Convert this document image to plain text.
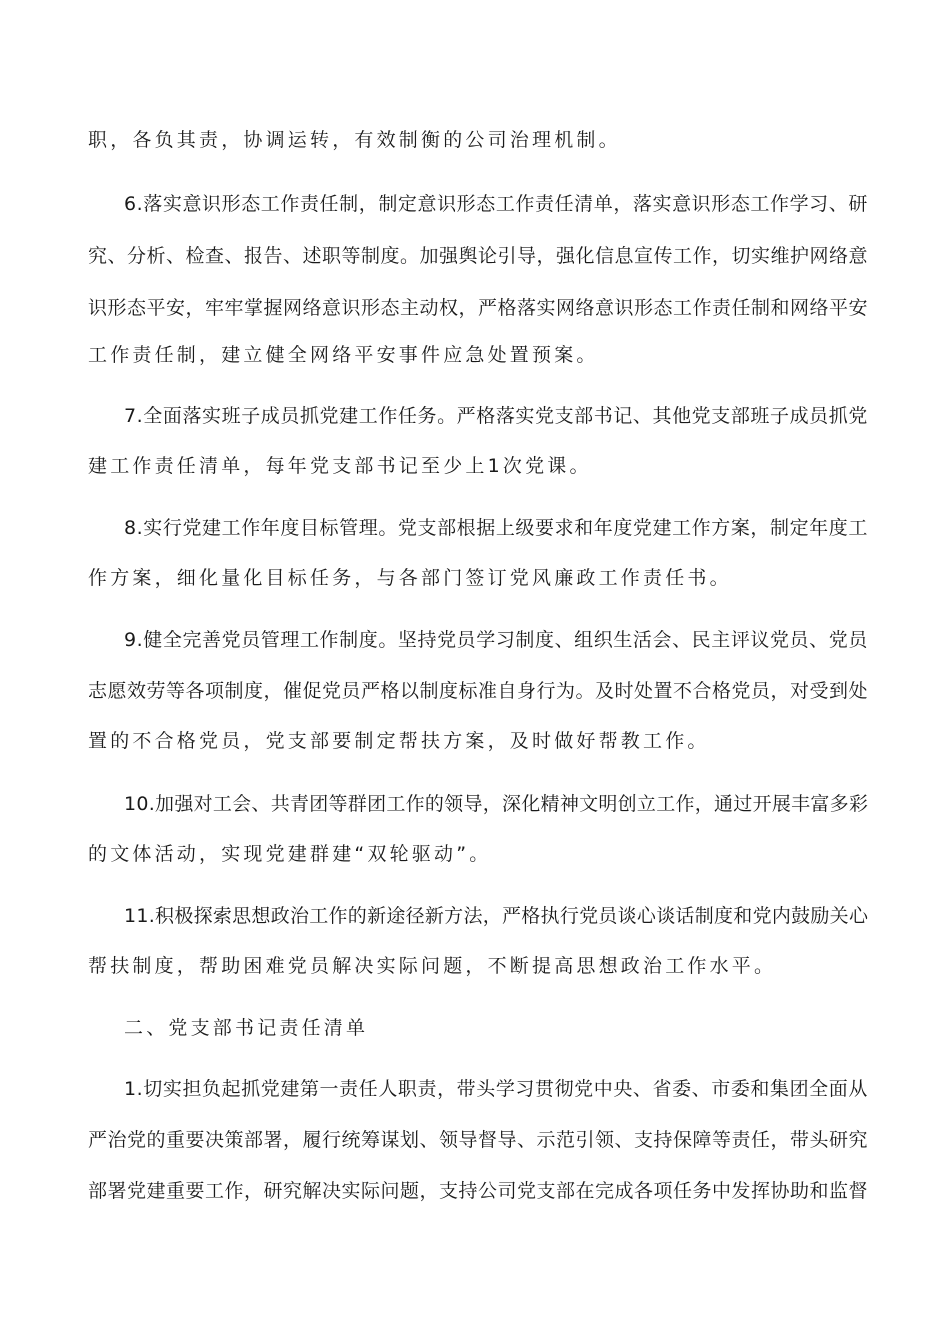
职，各负其责，协调运转，有效制衡的公司治理机制。
6.落实意识形态工作责任制，制定意识形态工作责任清单，落实意识形态工作学习、研
究、分析、检查、报告、述职等制度。加强舆论引导，强化信息宣传工作，切实维护网络意
识形态平安，牢牢掌握网络意识形态主动权，严格落实网络意识形态工作责任制和网络平安
工作责任制，建立健全网络平安事件应急处置预案。
7.全面落实班子成员抓党建工作任务。严格落实党支部书记、其他党支部班子成员抓党
建工作责任清单，每年党支部书记至少上1次党课。
8.实行党建工作年度目标管理。党支部根据上级要求和年度党建工作方案，制定年度工
作方案，细化量化目标任务，与各部门签订党风廉政工作责任书。
9.健全完善党员管理工作制度。坚持党员学习制度、组织生活会、民主评议党员、党员
志愿效劳等各项制度，催促党员严格以制度标准自身行为。及时处置不合格党员，对受到处
置的不合格党员，党支部要制定帮扶方案，及时做好帮教工作。
10.加强对工会、共青团等群团工作的领导，深化精神文明创立工作，通过开展丰富多彩
的文体活动，实现党建群建“双轮驱动”。
11.积极探索思想政治工作的新途径新方法，严格执行党员谈心谈话制度和党内鼓励关心
帮扶制度，帮助困难党员解决实际问题，不断提高思想政治工作水平。
二、党支部书记责任清单
1.切实担负起抓党建第一责任人职责，带头学习贯彻党中央、省委、市委和集团全面从
严治党的重要决策部署，履行统筹谋划、领导督导、示范引领、支持保障等责任，带头研究
部署党建重要工作，研究解决实际问题，支持公司党支部在完成各项任务中发挥协助和监督
